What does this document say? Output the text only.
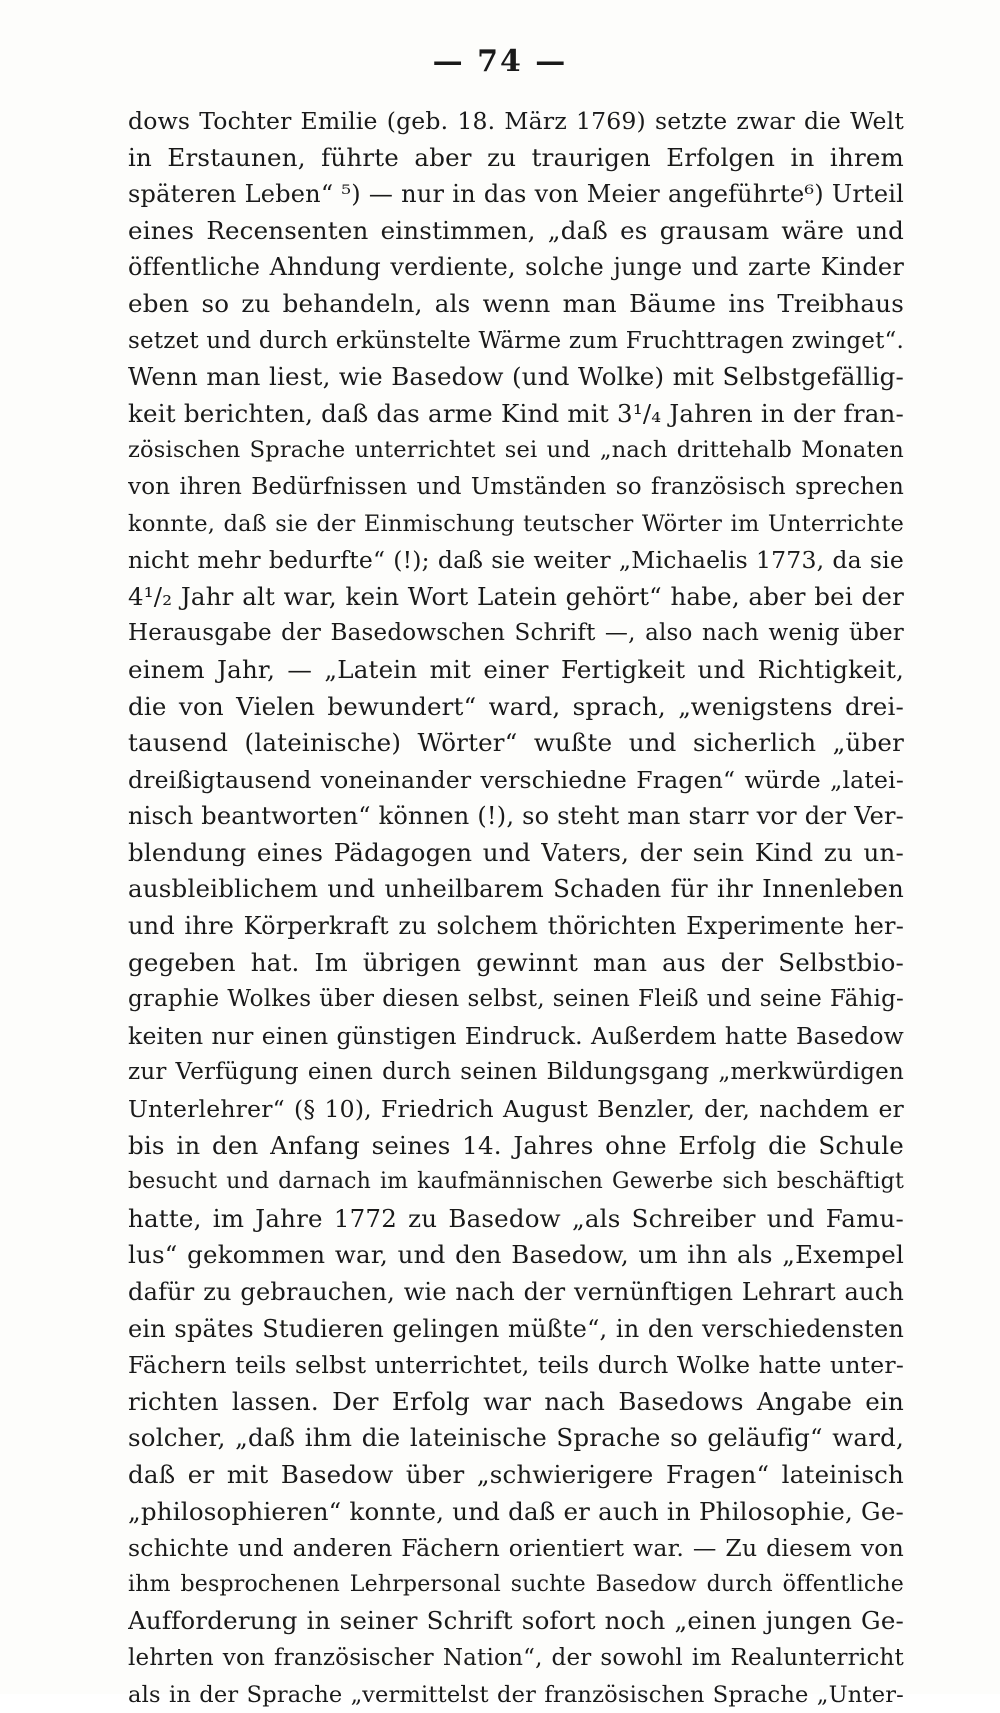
— 74 —
dows Tochter Emilie (geb. 18. März 1769) setzte zwar die Welt
in Erstaunen, führte aber zu traurigen Erfolgen in ihrem
späteren Leben“ ⁵) — nur in das von Meier angeführte⁶) Urteil
eines Recensenten einstimmen, „daß es grausam wäre und
öffentliche Ahndung verdiente, solche junge und zarte Kinder
eben so zu behandeln, als wenn man Bäume ins Treibhaus
setzet und durch erkünstelte Wärme zum Fruchttragen zwinget“.
Wenn man liest, wie Basedow (und Wolke) mit Selbstgefällig-
keit berichten, daß das arme Kind mit 3¹/₄ Jahren in der fran-
zösischen Sprache unterrichtet sei und „nach drittehalb Monaten
von ihren Bedürfnissen und Umständen so französisch sprechen
konnte, daß sie der Einmischung teutscher Wörter im Unterrichte
nicht mehr bedurfte“ (!); daß sie weiter „Michaelis 1773, da sie
4¹/₂ Jahr alt war, kein Wort Latein gehört“ habe, aber bei der
Herausgabe der Basedowschen Schrift —, also nach wenig über
einem Jahr, — „Latein mit einer Fertigkeit und Richtigkeit,
die von Vielen bewundert“ ward, sprach, „wenigstens drei-
tausend (lateinische) Wörter“ wußte und sicherlich „über
dreißigtausend voneinander verschiedne Fragen“ würde „latei-
nisch beantworten“ können (!), so steht man starr vor der Ver-
blendung eines Pädagogen und Vaters, der sein Kind zu un-
ausbleiblichem und unheilbarem Schaden für ihr Innenleben
und ihre Körperkraft zu solchem thörichten Experimente her-
gegeben hat. Im übrigen gewinnt man aus der Selbstbio-
graphie Wolkes über diesen selbst, seinen Fleiß und seine Fähig-
keiten nur einen günstigen Eindruck. Außerdem hatte Basedow
zur Verfügung einen durch seinen Bildungsgang „merkwürdigen
Unterlehrer“ (§ 10), Friedrich August Benzler, der, nachdem er
bis in den Anfang seines 14. Jahres ohne Erfolg die Schule
besucht und darnach im kaufmännischen Gewerbe sich beschäftigt
hatte, im Jahre 1772 zu Basedow „als Schreiber und Famu-
lus“ gekommen war, und den Basedow, um ihn als „Exempel
dafür zu gebrauchen, wie nach der vernünftigen Lehrart auch
ein spätes Studieren gelingen müßte“, in den verschiedensten
Fächern teils selbst unterrichtet, teils durch Wolke hatte unter-
richten lassen. Der Erfolg war nach Basedows Angabe ein
solcher, „daß ihm die lateinische Sprache so geläufig“ ward,
daß er mit Basedow über „schwierigere Fragen“ lateinisch
„philosophieren“ konnte, und daß er auch in Philosophie, Ge-
schichte und anderen Fächern orientiert war. — Zu diesem von
ihm besprochenen Lehrpersonal suchte Basedow durch öffentliche
Aufforderung in seiner Schrift sofort noch „einen jungen Ge-
lehrten von französischer Nation“, der sowohl im Realunterricht
als in der Sprache „vermittelst der französischen Sprache „Unter-
